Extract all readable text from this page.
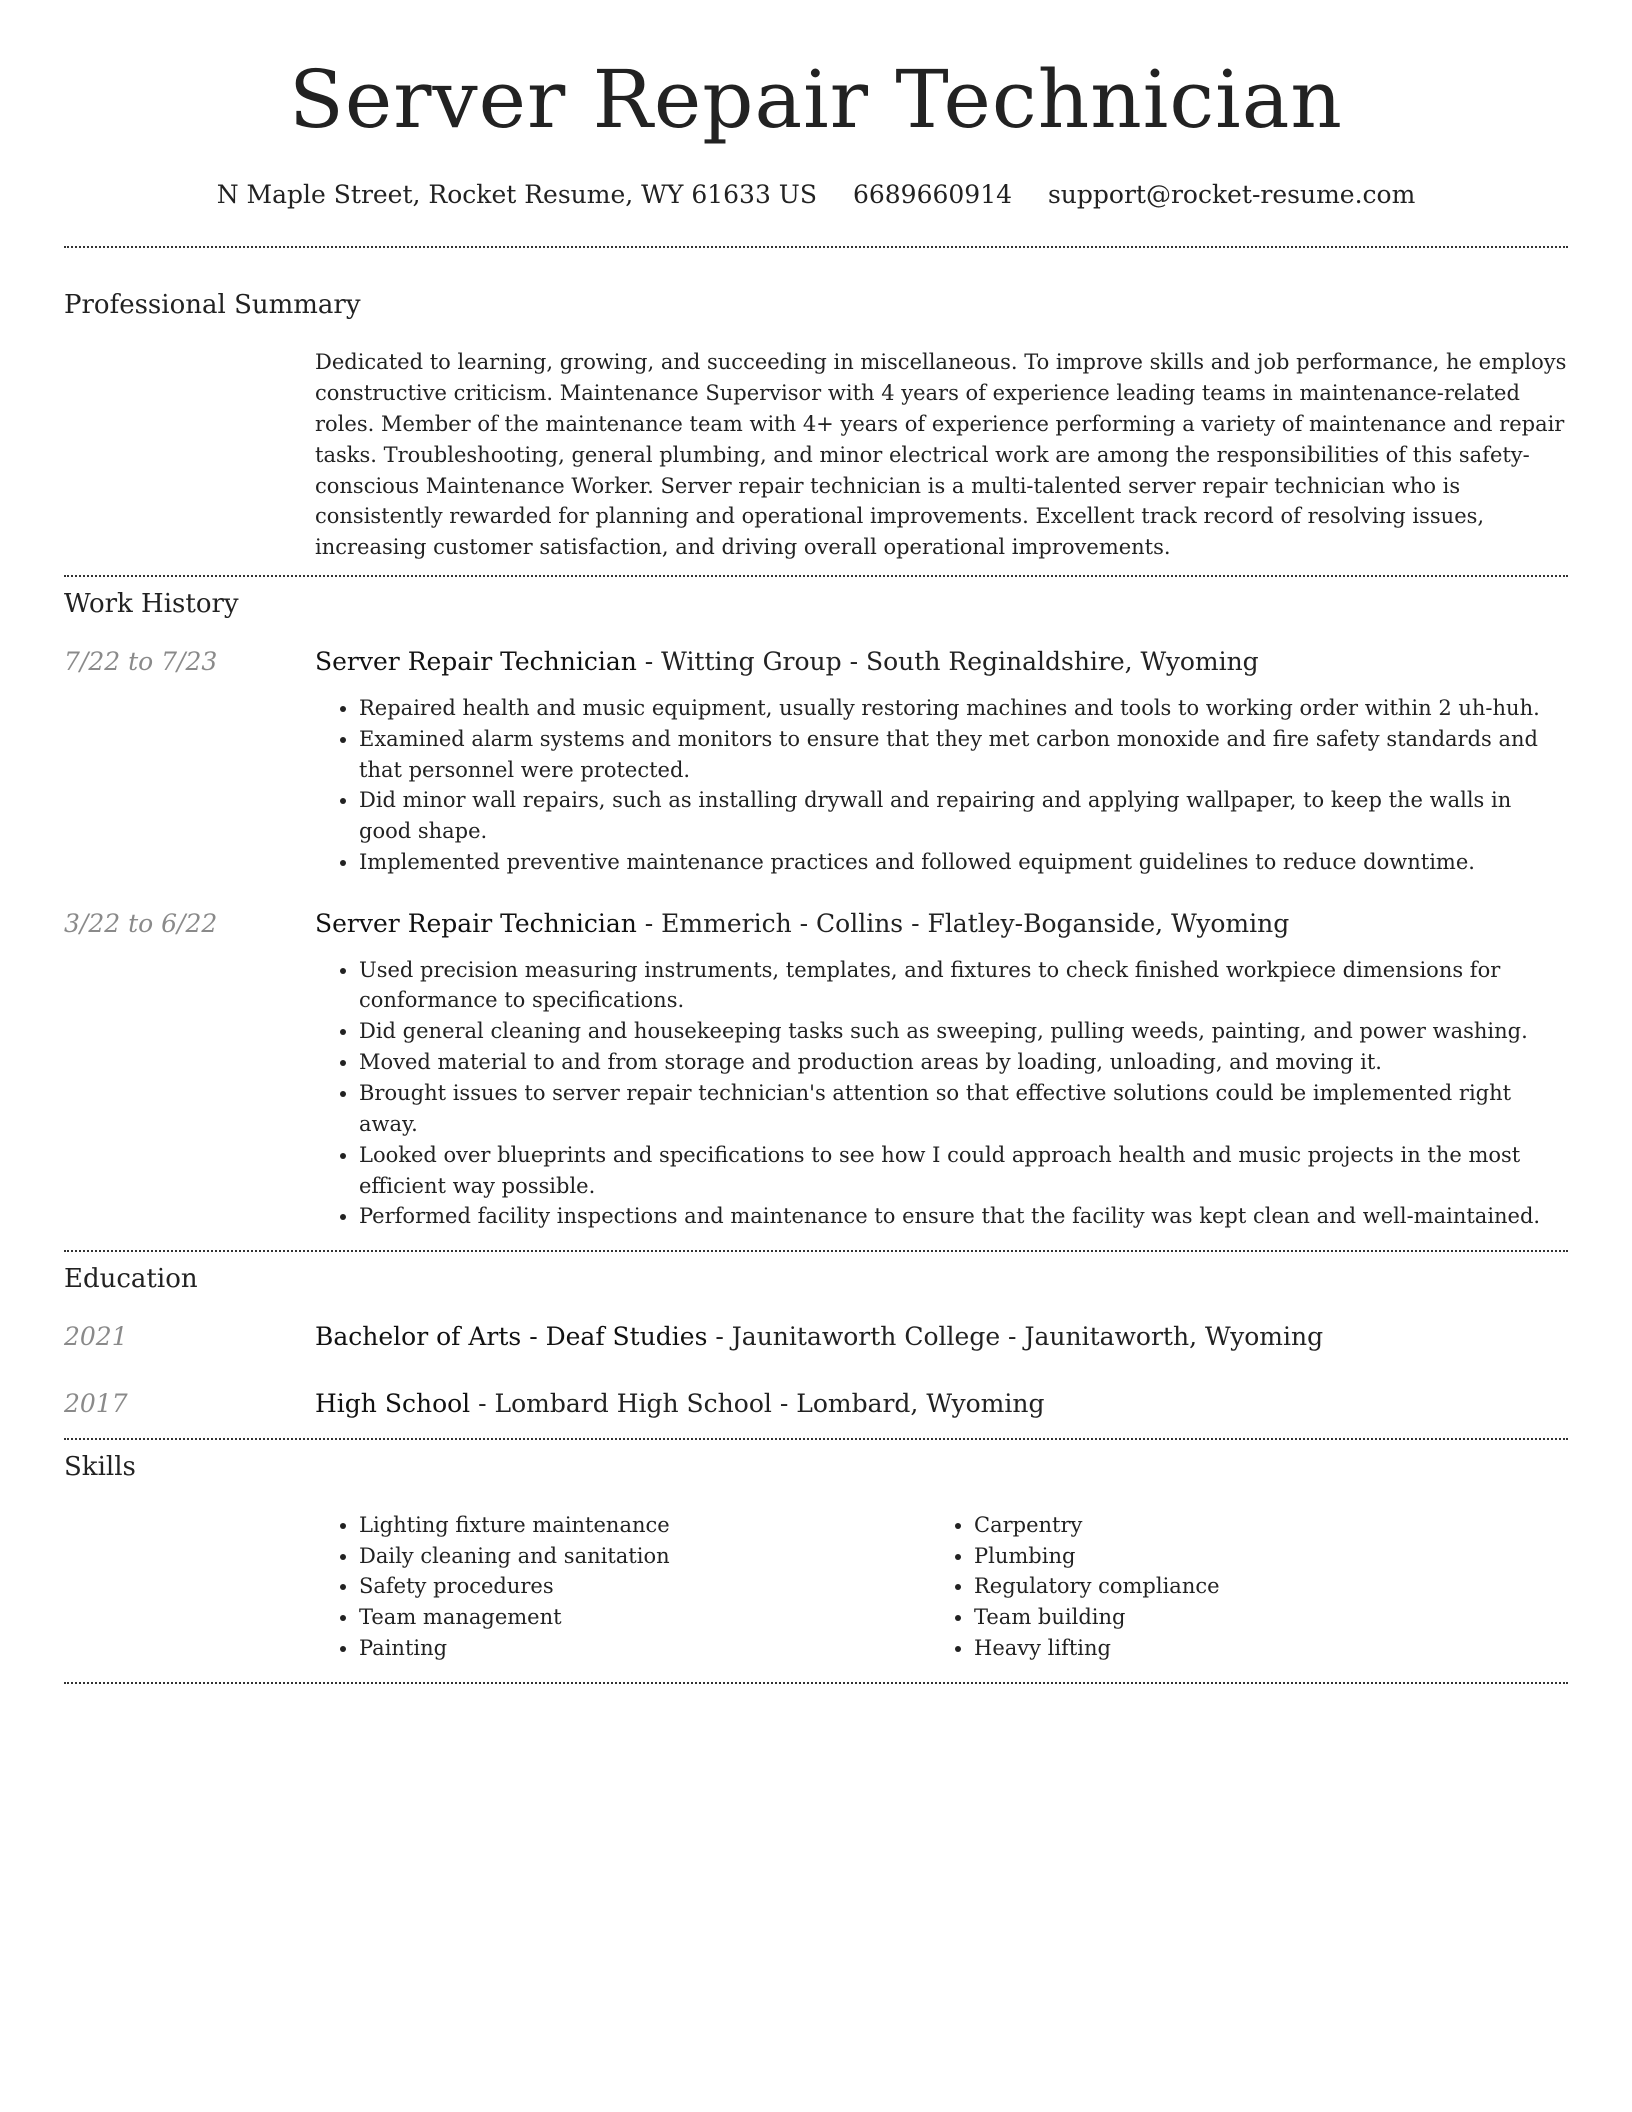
Server Repair Technician
N Maple Street, Rocket Resume, WY 61633 US 6689660914 support@rocket-resume.com
Professional Summary
Dedicated to learning, growing, and succeeding in miscellaneous. To improve skills and job performance, he employs constructive criticism. Maintenance Supervisor with 4 years of experience leading teams in maintenance-related roles. Member of the maintenance team with 4+ years of experience performing a variety of maintenance and repair tasks. Troubleshooting, general plumbing, and minor electrical work are among the responsibilities of this safety-conscious Maintenance Worker. Server repair technician is a multi-talented server repair technician who is consistently rewarded for planning and operational improvements. Excellent track record of resolving issues, increasing customer satisfaction, and driving overall operational improvements.
Work History
7/22 to 7/23	Server Repair Technician - Witting Group - South Reginaldshire, Wyoming
• Repaired health and music equipment, usually restoring machines and tools to working order within 2 uh-huh.
• Examined alarm systems and monitors to ensure that they met carbon monoxide and fire safety standards and that personnel were protected.
• Did minor wall repairs, such as installing drywall and repairing and applying wallpaper, to keep the walls in good shape.
• Implemented preventive maintenance practices and followed equipment guidelines to reduce downtime.
3/22 to 6/22	Server Repair Technician - Emmerich - Collins - Flatley-Boganside, Wyoming
• Used precision measuring instruments, templates, and fixtures to check finished workpiece dimensions for conformance to specifications.
• Did general cleaning and housekeeping tasks such as sweeping, pulling weeds, painting, and power washing.
• Moved material to and from storage and production areas by loading, unloading, and moving it.
• Brought issues to server repair technician's attention so that effective solutions could be implemented right away.
• Looked over blueprints and specifications to see how I could approach health and music projects in the most efficient way possible.
• Performed facility inspections and maintenance to ensure that the facility was kept clean and well-maintained.
Education
2021	Bachelor of Arts - Deaf Studies - Jaunitaworth College - Jaunitaworth, Wyoming
2017	High School - Lombard High School - Lombard, Wyoming
Skills
• Lighting fixture maintenance
• Daily cleaning and sanitation
• Safety procedures
• Team management
• Painting
• Carpentry
• Plumbing
• Regulatory compliance
• Team building
• Heavy lifting
